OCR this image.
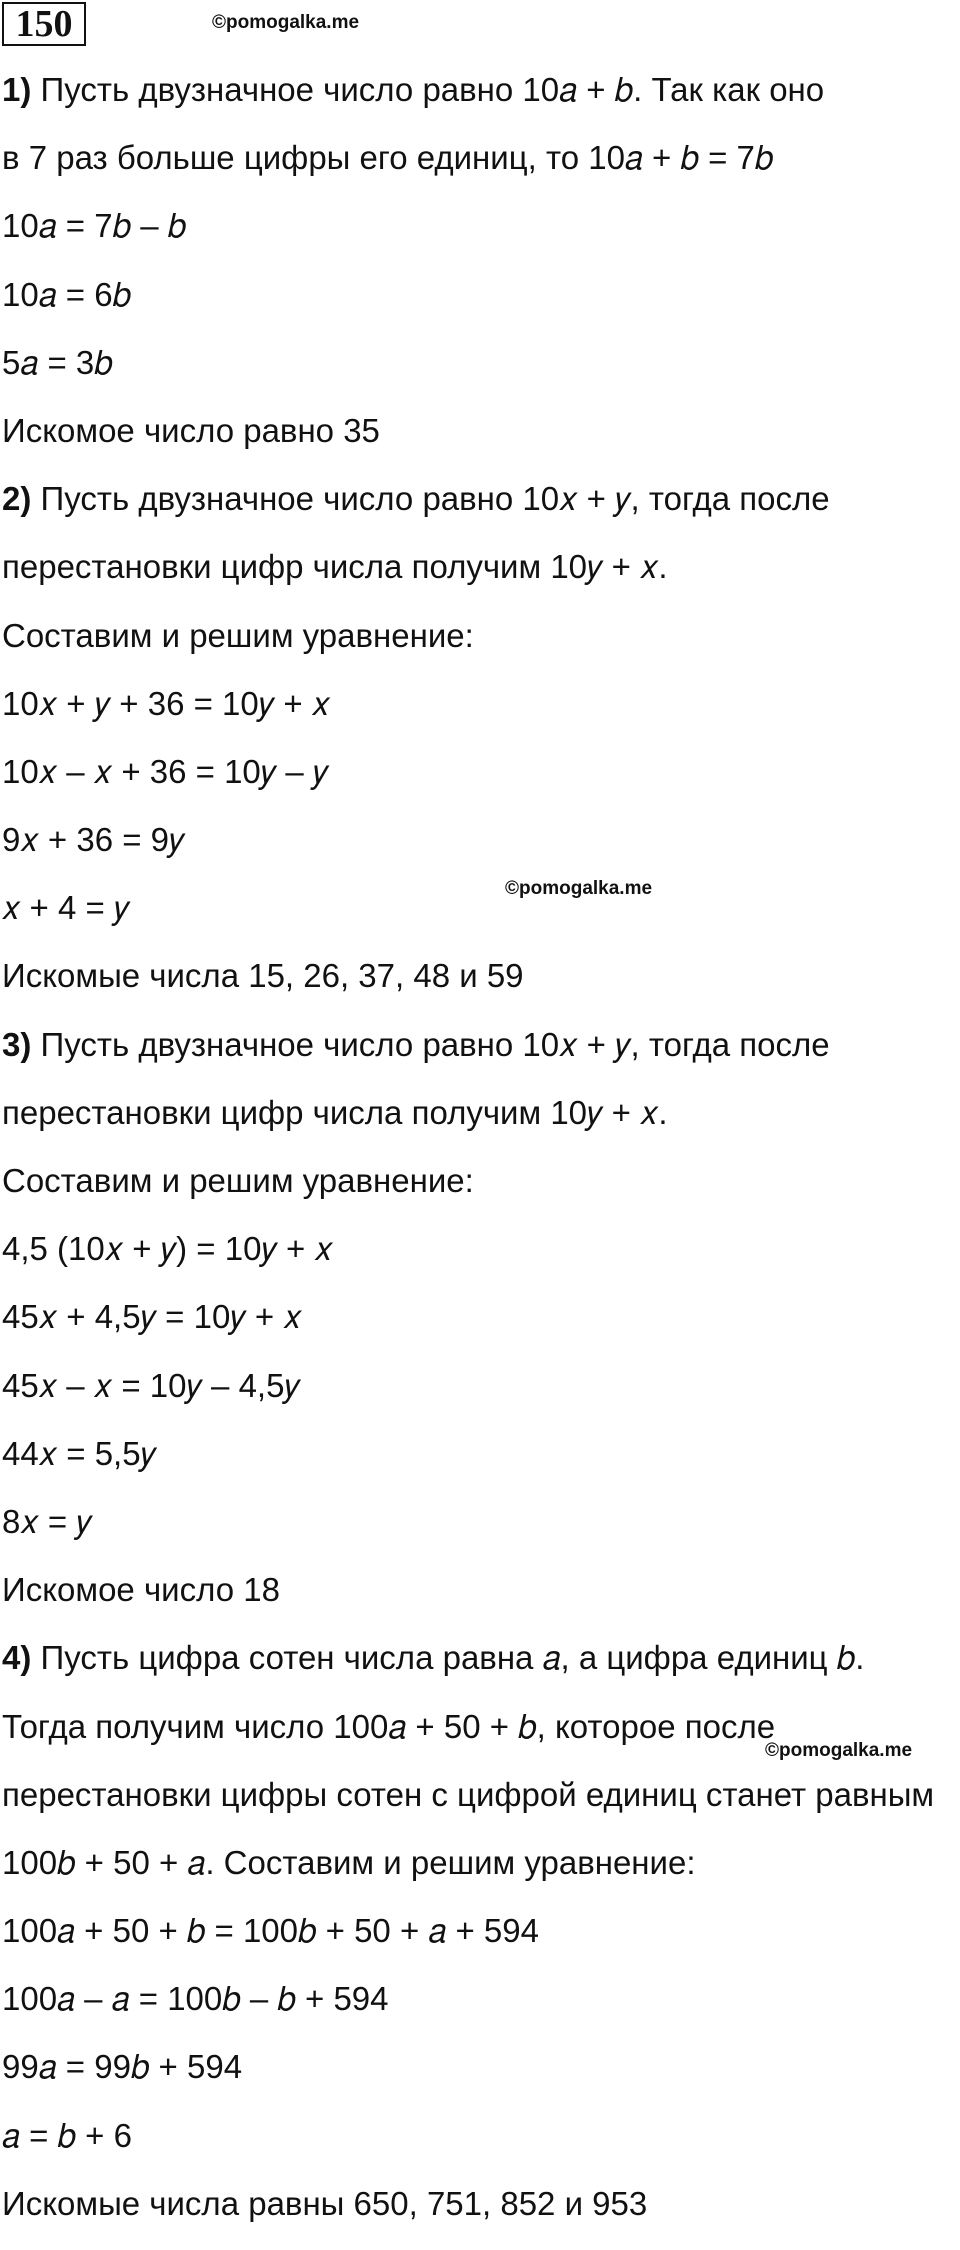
150	©pomogalka.me
©pomogalka.me
©pomogalka.me
1) Пусть двузначное число равно 10𝑎 + 𝑏. Так как оно
в 7 раз больше цифры его единиц, то 10𝑎 + 𝑏 = 7𝑏
10𝑎 = 7𝑏 – 𝑏
10𝑎 = 6𝑏
5𝑎 = 3𝑏
Искомое число равно 35
2) Пусть двузначное число равно 10𝑥 + 𝑦, тогда после
перестановки цифр числа получим 10𝑦 + 𝑥.
Составим и решим уравнение:
10𝑥 + 𝑦 + 36 = 10𝑦 + 𝑥
10𝑥 – 𝑥 + 36 = 10𝑦 – 𝑦
9𝑥 + 36 = 9𝑦
𝑥 + 4 = 𝑦
Искомые числа 15, 26, 37, 48 и 59
3) Пусть двузначное число равно 10𝑥 + 𝑦, тогда после
перестановки цифр числа получим 10𝑦 + 𝑥.
Составим и решим уравнение:
4,5 (10𝑥 + 𝑦) = 10𝑦 + 𝑥
45𝑥 + 4,5𝑦 = 10𝑦 + 𝑥
45𝑥 – 𝑥 = 10𝑦 – 4,5𝑦
44𝑥 = 5,5𝑦
8𝑥 = 𝑦
Искомое число 18
4) Пусть цифра сотен числа равна 𝑎, а цифра единиц 𝑏.
Тогда получим число 100𝑎 + 50 + 𝑏, которое после
перестановки цифры сотен с цифрой единиц станет равным
100𝑏 + 50 + 𝑎. Составим и решим уравнение:
100𝑎 + 50 + 𝑏 = 100𝑏 + 50 + 𝑎 + 594
100𝑎 – 𝑎 = 100𝑏 – 𝑏 + 594
99𝑎 = 99𝑏 + 594
𝑎 = 𝑏 + 6
Искомые числа равны 650, 751, 852 и 953
